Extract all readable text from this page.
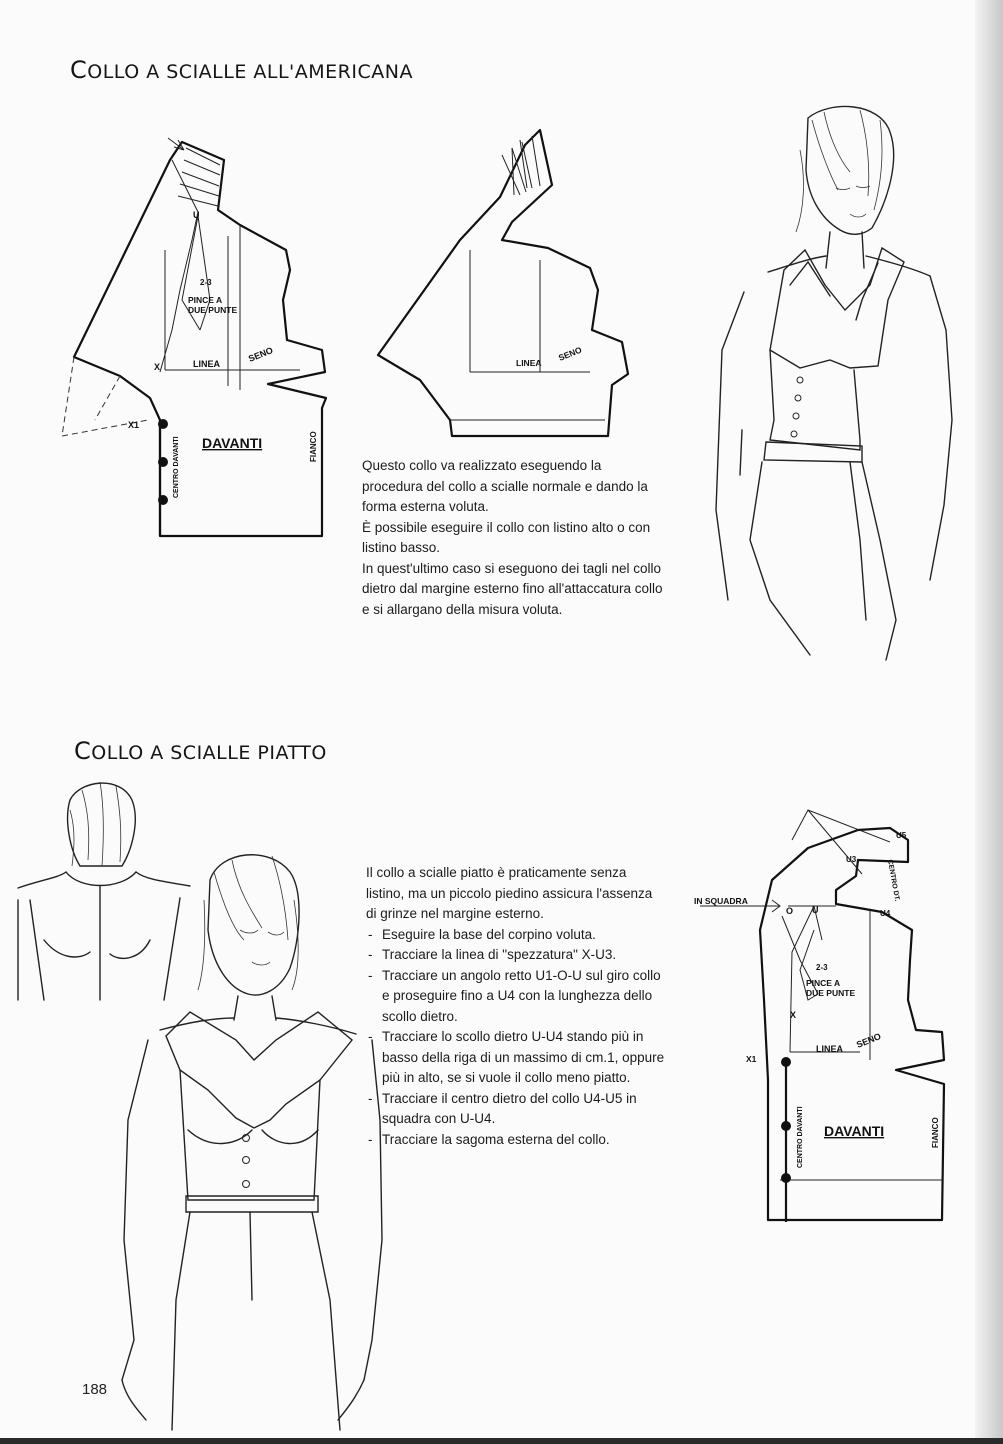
COLLO A SCIALLE ALL'AMERICANA
U
2-3
PINCE A
DUE PUNTE
X
X1
LINEA
SENO
DAVANTI
CENTRO DAVANTI	FIANCO
LINEA
SENO

Questo collo va realizzato eseguendo la procedura del collo a scialle normale e dando la forma esterna voluta.

È possibile eseguire il collo con listino alto o con listino basso.

In quest'ultimo caso si eseguono dei tagli nel collo dietro dal margine esterno fino all'attaccatura collo e si allargano della misura voluta.

COLLO A SCIALLE PIATTO

Il collo a scialle piatto è praticamente senza listino, ma un piccolo piedino assicura l'assenza di grinze nel margine esterno.

- Eseguire la base del corpino voluta.
- Tracciare la linea di "spezzatura" X-U3.
- Tracciare un angolo retto U1-O-U sul giro collo e proseguire fino a U4 con la lunghezza dello scollo dietro.
- Tracciare lo scollo dietro U-U4 stando più in basso della riga di un massimo di cm.1, oppure più in alto, se si vuole il collo meno piatto.
- Tracciare il centro dietro del collo U4-U5 in squadra con U-U4.
- Tracciare la sagoma esterna del collo.
IN SQUADRA
O U
U3
U4
U5
CENTRO DT.
2-3
PINCE A
DUE PUNTE
X
X1
LINEA SENO
DAVANTI
CENTRO DAVANTI	FIANCO
188
